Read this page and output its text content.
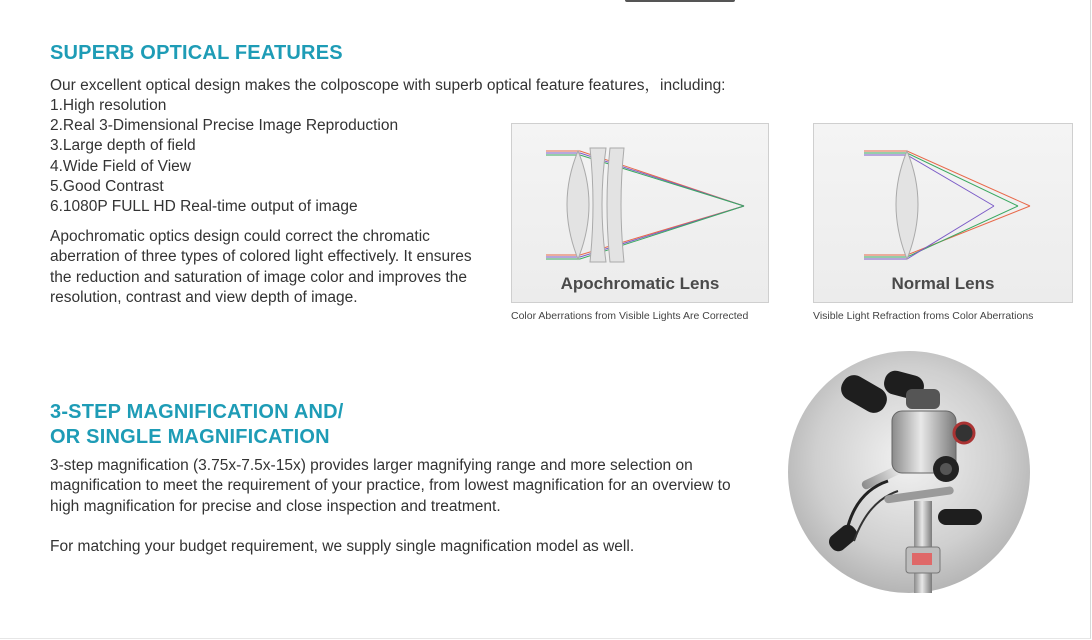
SUPERB OPTICAL FEATURES
Our excellent optical design makes the colposcope with superb optical feature features，including:
1.High resolution
2.Real 3-Dimensional Precise Image Reproduction
3.Large depth of field
4.Wide Field of View
5.Good Contrast
6.1080P FULL HD Real-time output of image

Apochromatic optics design could correct the chromatic aberration of three types of colored light effectively. It ensures the reduction and saturation of image color and improves the resolution, contrast and view depth of image.

Apochromatic Lens
Color Aberrations from Visible Lights Are Corrected
Normal Lens
Visible Light Refraction froms Color Aberrations
3-STEP MAGNIFICATION AND/
OR SINGLE MAGNIFICATION

3-step magnification (3.75x-7.5x-15x) provides larger magnifying range and more selection on magnification to meet the requirement of your practice, from lowest magnification for an overview to high magnification for precise and close inspection and treatment.

For matching your budget requirement, we supply single magnification model as well.
